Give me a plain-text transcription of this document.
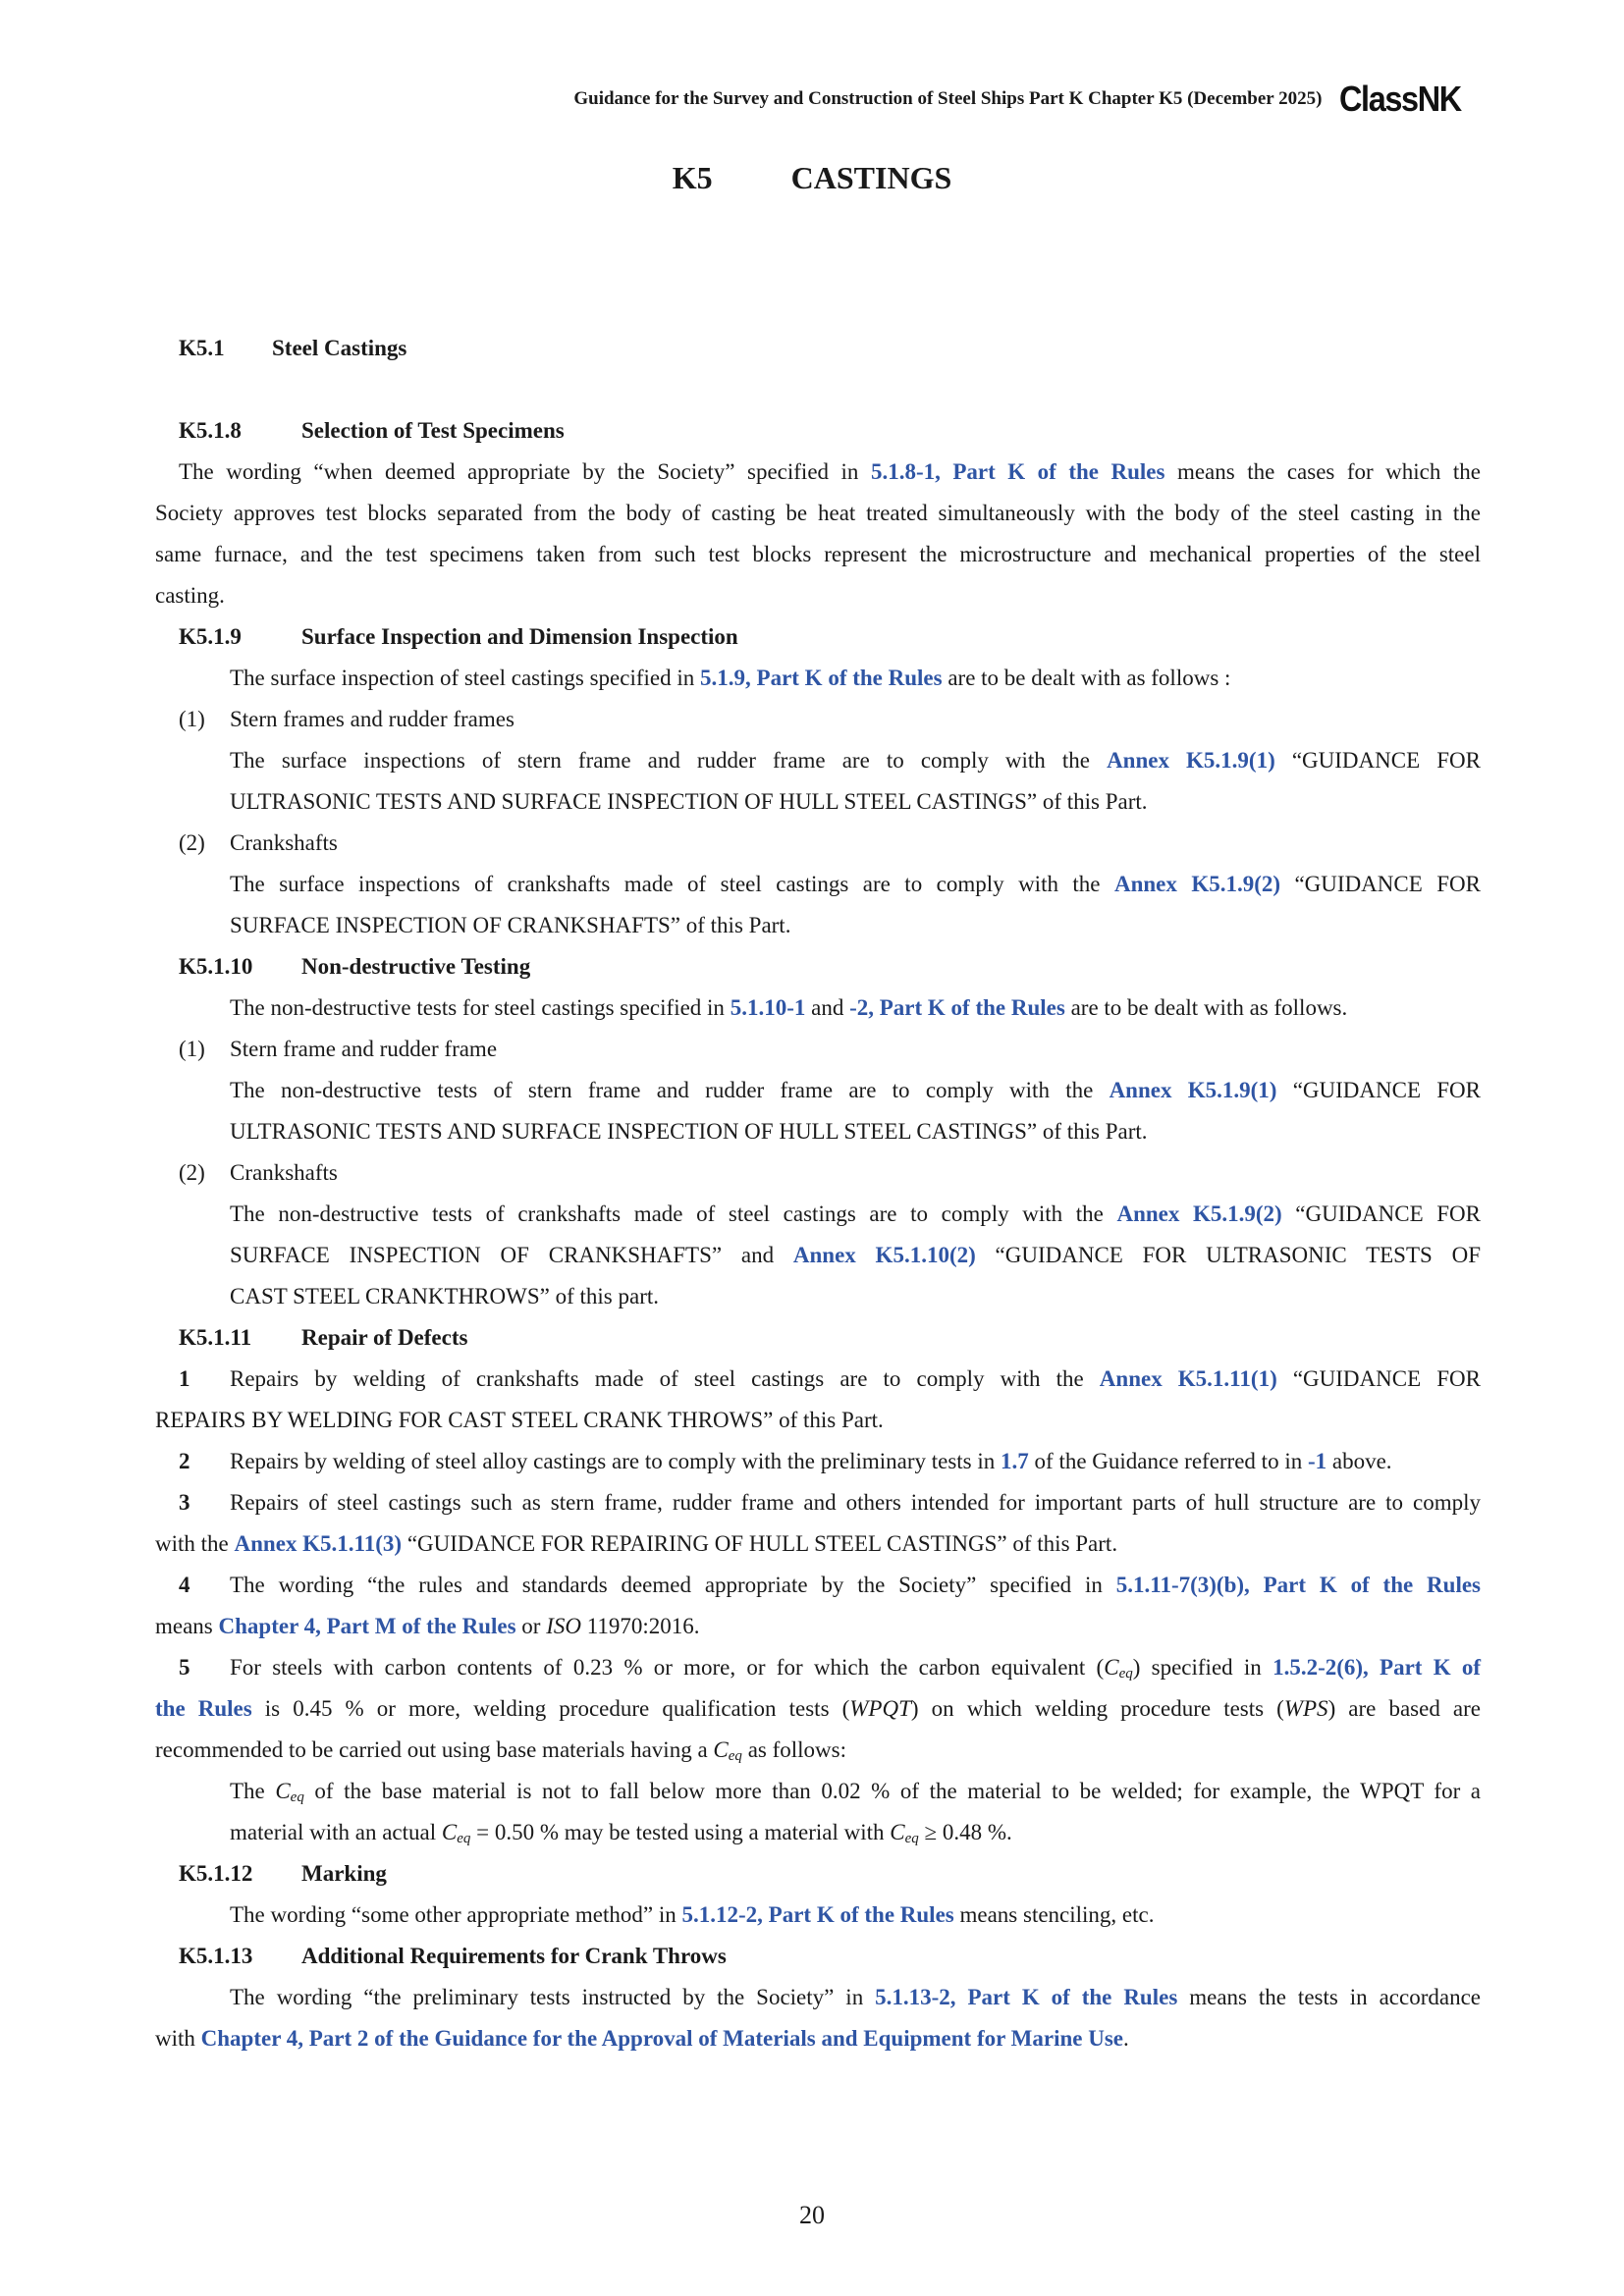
Guidance for the Survey and Construction of Steel Ships Part K Chapter K5 (December 2025) ClassNK
K5	CASTINGS
K5.1 Steel Castings
K5.1.8	Selection of Test Specimens
The wording “when deemed appropriate by the Society” specified in 5.1.8-1, Part K of the Rules means the cases for which the
Society approves test blocks separated from the body of casting be heat treated simultaneously with the body of the steel casting in the
same furnace, and the test specimens taken from such test blocks represent the microstructure and mechanical properties of the steel
casting.
K5.1.9	Surface Inspection and Dimension Inspection
The surface inspection of steel castings specified in 5.1.9, Part K of the Rules are to be dealt with as follows :
(1) Stern frames and rudder frames
The surface inspections of stern frame and rudder frame are to comply with the Annex K5.1.9(1) “GUIDANCE FOR
ULTRASONIC TESTS AND SURFACE INSPECTION OF HULL STEEL CASTINGS” of this Part.
(2) Crankshafts
The surface inspections of crankshafts made of steel castings are to comply with the Annex K5.1.9(2) “GUIDANCE FOR
SURFACE INSPECTION OF CRANKSHAFTS” of this Part.
K5.1.10 Non-destructive Testing
The non-destructive tests for steel castings specified in 5.1.10-1 and -2, Part K of the Rules are to be dealt with as follows.
(1) Stern frame and rudder frame
The non-destructive tests of stern frame and rudder frame are to comply with the Annex K5.1.9(1) “GUIDANCE FOR
ULTRASONIC TESTS AND SURFACE INSPECTION OF HULL STEEL CASTINGS” of this Part.
(2) Crankshafts
The non-destructive tests of crankshafts made of steel castings are to comply with the Annex K5.1.9(2) “GUIDANCE FOR
SURFACE INSPECTION OF CRANKSHAFTS” and Annex K5.1.10(2) “GUIDANCE FOR ULTRASONIC TESTS OF
CAST STEEL CRANKTHROWS” of this part.
K5.1.11 Repair of Defects
1 Repairs by welding of crankshafts made of steel castings are to comply with the Annex K5.1.11(1) “GUIDANCE FOR
REPAIRS BY WELDING FOR CAST STEEL CRANK THROWS” of this Part.
2 Repairs by welding of steel alloy castings are to comply with the preliminary tests in 1.7 of the Guidance referred to in -1 above.
3 Repairs of steel castings such as stern frame, rudder frame and others intended for important parts of hull structure are to comply
with the Annex K5.1.11(3) “GUIDANCE FOR REPAIRING OF HULL STEEL CASTINGS” of this Part.
4 The wording “the rules and standards deemed appropriate by the Society” specified in 5.1.11-7(3)(b), Part K of the Rules
means Chapter 4, Part M of the Rules or ISO 11970:2016.
5 For steels with carbon contents of 0.23 % or more, or for which the carbon equivalent $(C_{eq})$ specified in 1.5.2-2(6), Part K of
the Rules is 0.45 % or more, welding procedure qualification tests (WPQT) on which welding procedure tests (WPS) are based are
recommended to be carried out using base materials having a $C_{eq}$ as follows:
The $C_{eq}$ of the base material is not to fall below more than 0.02 % of the material to be welded; for example, the WPQT for a
material with an actual $C_{eq} = 0.50$ % may be tested using a material with $C_{eq} \ge 0.48$ %.
K5.1.12 Marking
The wording “some other appropriate method” in 5.1.12-2, Part K of the Rules means stenciling, etc.
K5.1.13 Additional Requirements for Crank Throws
The wording “the preliminary tests instructed by the Society” in 5.1.13-2, Part K of the Rules means the tests in accordance
with Chapter 4, Part 2 of the Guidance for the Approval of Materials and Equipment for Marine Use.
20
